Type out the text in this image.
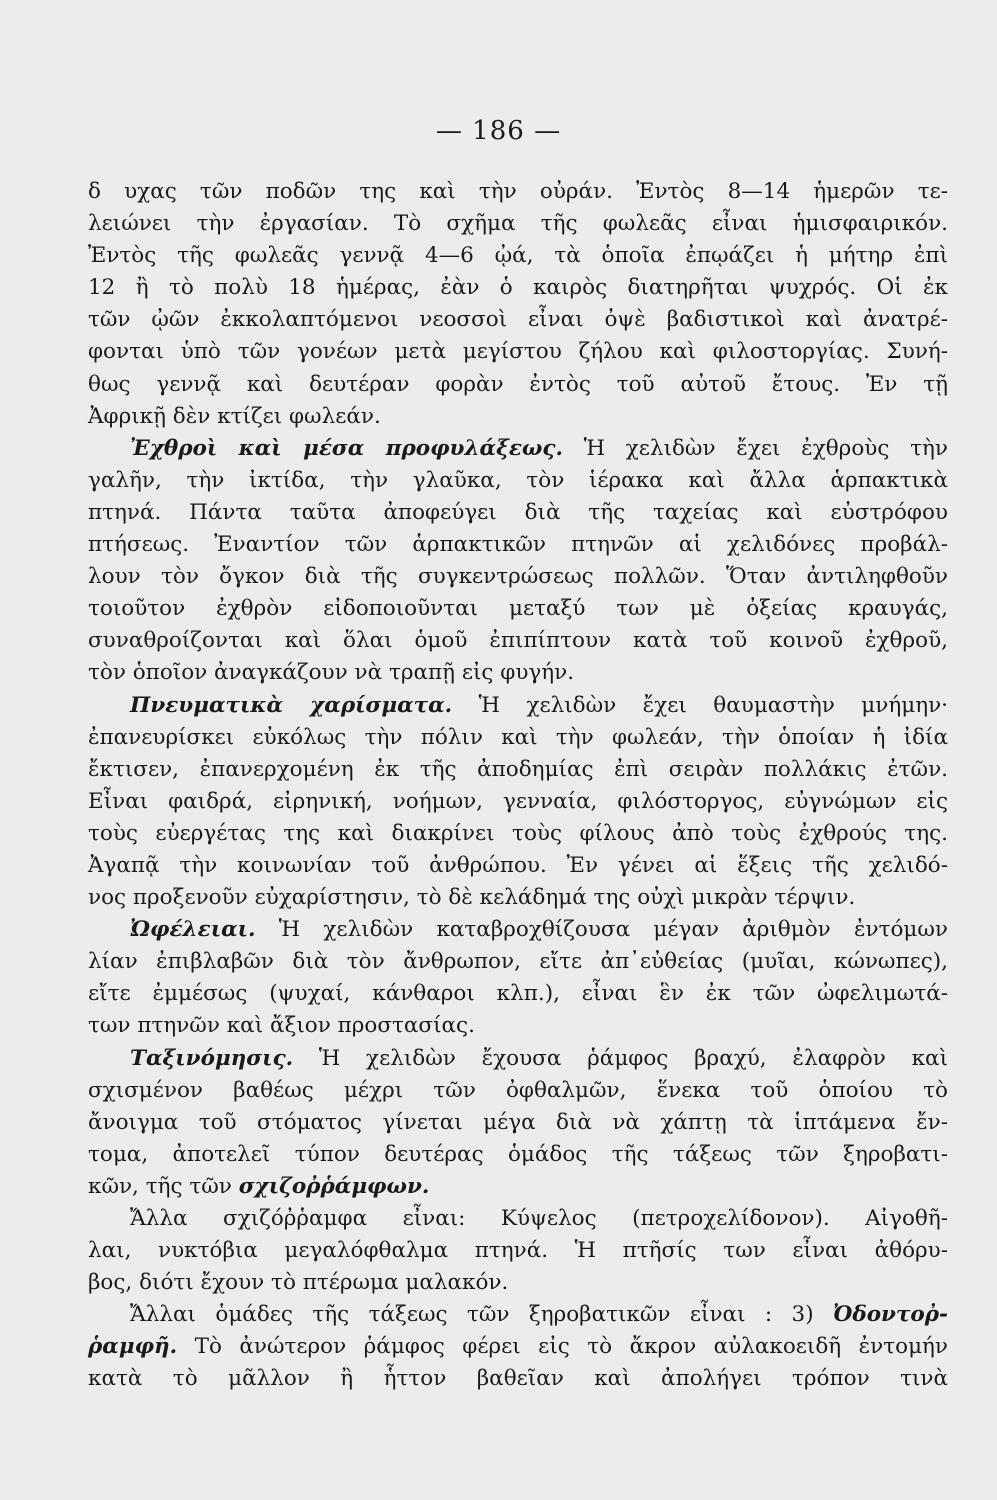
— 186 —
δ υχας τῶν ποδῶν της καὶ τὴν οὐράν. Ἐντὸς 8—14 ἡμερῶν τε-
λειώνει τὴν ἐργασίαν. Τὸ σχῆμα τῆς φωλεᾶς εἶναι ἡμισφαιρικόν.
Ἐντὸς τῆς φωλεᾶς γεννᾷ 4—6 ᾠά, τὰ ὁποῖα ἐπῳάζει ἡ μήτηρ ἐπὶ
12 ἢ τὸ πολὺ 18 ἡμέρας, ἐὰν ὁ καιρὸς διατηρῆται ψυχρός. Οἱ ἐκ
τῶν ᾠῶν ἐκκολαπτόμενοι νεοσσοὶ εἶναι ὀψὲ βαδιστικοὶ καὶ ἀνατρέ-
φονται ὑπὸ τῶν γονέων μετὰ μεγίστου ζήλου καὶ φιλοστοργίας. Συνή-
θως γεννᾷ καὶ δευτέραν φορὰν ἐντὸς τοῦ αὐτοῦ ἔτους. Ἐν τῇ
Ἀφρικῇ δὲν κτίζει φωλεάν.
Ἐχθροὶ καὶ μέσα προφυλάξεως. Ἡ χελιδὼν ἔχει ἐχθροὺς τὴν
γαλῆν, τὴν ἰκτίδα, τὴν γλαῦκα, τὸν ἱέρακα καὶ ἄλλα ἁρπακτικὰ
πτηνά. Πάντα ταῦτα ἀποφεύγει διὰ τῆς ταχείας καὶ εὐστρόφου
πτήσεως. Ἐναντίον τῶν ἁρπακτικῶν πτηνῶν αἱ χελιδόνες προβάλ-
λουν τὸν ὄγκον διὰ τῆς συγκεντρώσεως πολλῶν. Ὅταν ἀντιληφθοῦν
τοιοῦτον ἐχθρὸν εἰδοποιοῦνται μεταξύ των μὲ ὀξείας κραυγάς,
συναθροίζονται καὶ ὅλαι ὁμοῦ ἐπιπίπτουν κατὰ τοῦ κοινοῦ ἐχθροῦ,
τὸν ὁποῖον ἀναγκάζουν νὰ τραπῇ εἰς φυγήν.
Πνευματικὰ χαρίσματα. Ἡ χελιδὼν ἔχει θαυμαστὴν μνήμην·
ἐπανευρίσκει εὐκόλως τὴν πόλιν καὶ τὴν φωλεάν, τὴν ὁποίαν ἡ ἰδία
ἔκτισεν, ἐπανερχομένη ἐκ τῆς ἀποδημίας ἐπὶ σειρὰν πολλάκις ἐτῶν.
Εἶναι φαιδρά, εἰρηνική, νοήμων, γενναία, φιλόστοργος, εὐγνώμων εἰς
τοὺς εὐεργέτας της καὶ διακρίνει τοὺς φίλους ἀπὸ τοὺς ἐχθρούς της.
Ἀγαπᾷ τὴν κοινωνίαν τοῦ ἀνθρώπου. Ἐν γένει αἱ ἕξεις τῆς χελιδό-
νος προξενοῦν εὐχαρίστησιν, τὸ δὲ κελάδημά της οὐχὶ μικρὰν τέρψιν.
Ὠφέλειαι. Ἡ χελιδὼν καταβροχθίζουσα μέγαν ἀριθμὸν ἐντόμων
λίαν ἐπιβλαβῶν διὰ τὸν ἄνθρωπον, εἴτε ἀπ᾽εὐθείας (μυῖαι, κώνωπες),
εἴτε ἐμμέσως (ψυχαί, κάνθαροι κλπ.), εἶναι ἓν ἐκ τῶν ὠφελιμωτά-
των πτηνῶν καὶ ἄξιον προστασίας.
Ταξινόμησις. Ἡ χελιδὼν ἔχουσα ῥάμφος βραχύ, ἐλαφρὸν καὶ
σχισμένον βαθέως μέχρι τῶν ὀφθαλμῶν, ἕνεκα τοῦ ὁποίου τὸ
ἄνοιγμα τοῦ στόματος γίνεται μέγα διὰ νὰ χάπτῃ τὰ ἱπτάμενα ἔν-
τομα, ἀποτελεῖ τύπον δευτέρας ὁμάδος τῆς τάξεως τῶν ξηροβατι-
κῶν, τῆς τῶν σχιζοῤῥάμφων.
Ἄλλα σχιζόῤῥαμφα εἶναι: Κύψελος (πετροχελίδονον). Αἰγοθῆ-
λαι, νυκτόβια μεγαλόφθαλμα πτηνά. Ἡ πτῆσίς των εἶναι ἀθόρυ-
βος, διότι ἔχουν τὸ πτέρωμα μαλακόν.
Ἄλλαι ὁμάδες τῆς τάξεως τῶν ξηροβατικῶν εἶναι : 3) Ὀδοντοῤ-
ῥαμφῆ. Τὸ ἀνώτερον ῥάμφος φέρει εἰς τὸ ἄκρον αὐλακοειδῆ ἐντομήν
κατὰ τὸ μᾶλλον ἢ ἧττον βαθεῖαν καὶ ἀπολήγει τρόπον τινὰ
